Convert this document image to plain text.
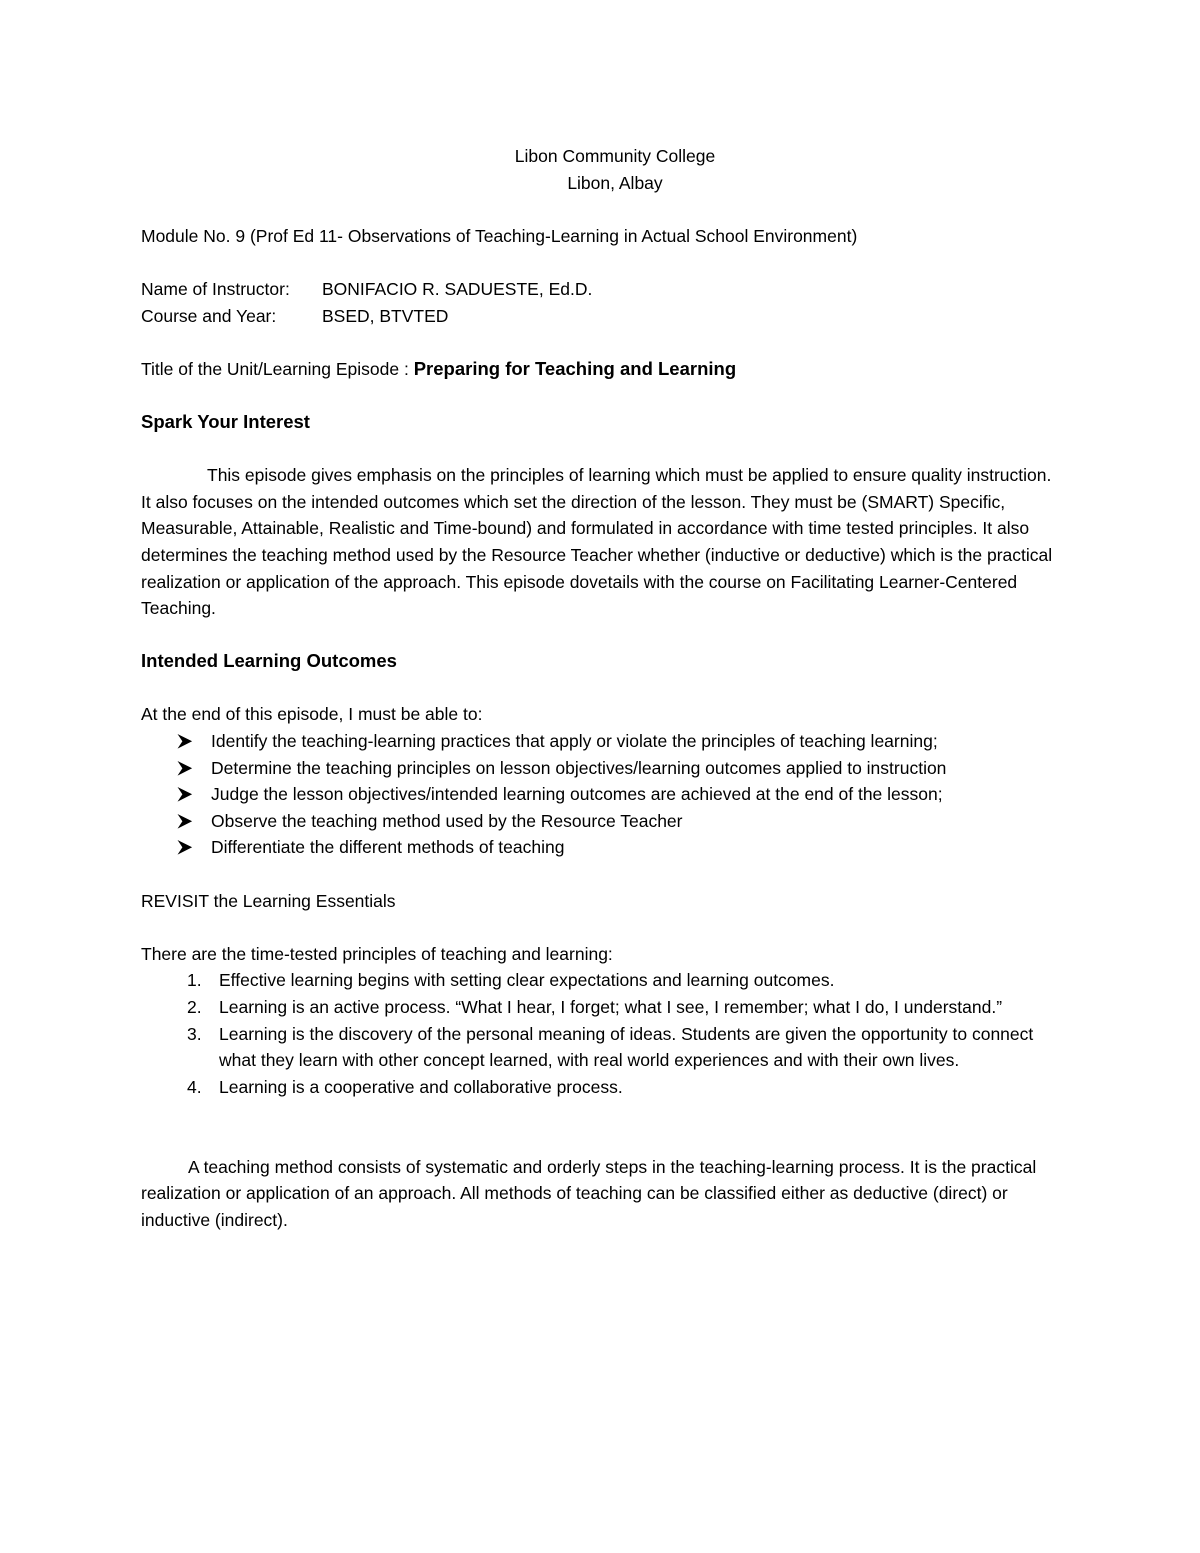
Libon Community College
Libon, Albay
Module No. 9 (Prof Ed 11- Observations of Teaching-Learning in Actual School Environment)
Name of Instructor:	BONIFACIO R. SADUESTE, Ed.D.
Course and Year:	BSED, BTVTED
Title of the Unit/Learning Episode : Preparing for Teaching and Learning
Spark Your Interest
This episode gives emphasis on the principles of learning which must be applied to ensure quality instruction. It also focuses on the intended outcomes which set the direction of the lesson. They must be (SMART) Specific, Measurable, Attainable, Realistic and Time-bound) and formulated in accordance with time tested principles. It also determines the teaching method used by the Resource Teacher whether (inductive or deductive) which is the practical realization or application of the approach. This episode dovetails with the course on Facilitating Learner-Centered Teaching.
Intended Learning Outcomes
At the end of this episode, I must be able to:
Identify the teaching-learning practices that apply or violate the principles of teaching learning;
Determine the teaching principles on lesson objectives/learning outcomes applied to instruction
Judge the lesson objectives/intended learning outcomes are achieved at the end of the lesson;
Observe the teaching method used by the Resource Teacher
Differentiate the different methods of teaching
REVISIT the Learning Essentials
There are the time-tested principles of teaching and learning:
1. Effective learning begins with setting clear expectations and learning outcomes.
2. Learning is an active process. “What I hear, I forget; what I see, I remember; what I do, I understand.”
3. Learning is the discovery of the personal meaning of ideas. Students are given the opportunity to connect what they learn with other concept learned, with real world experiences and with their own lives.
4. Learning is a cooperative and collaborative process.
A teaching method consists of systematic and orderly steps in the teaching-learning process. It is the practical realization or application of an approach. All methods of teaching can be classified either as deductive (direct) or inductive (indirect).
